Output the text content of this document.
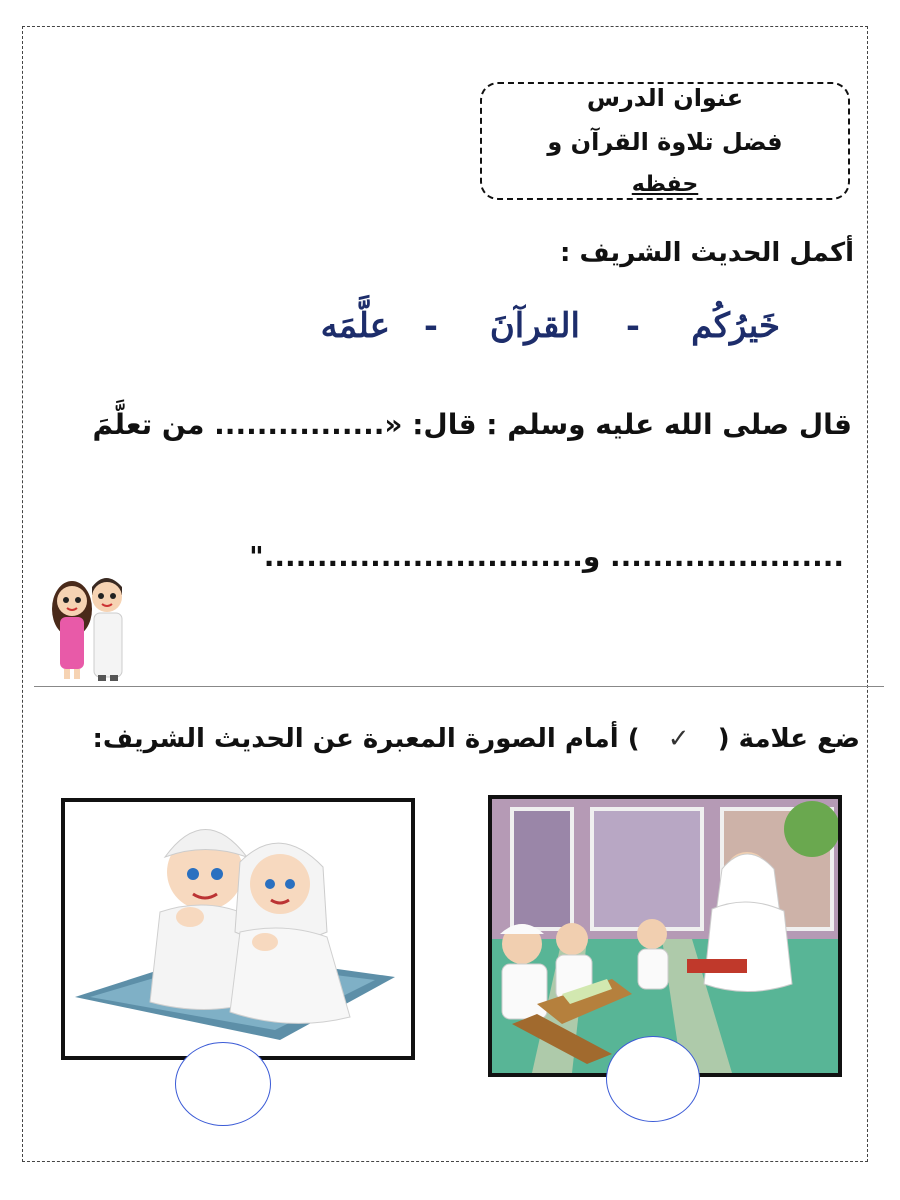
عنوان الدرس
فضل تلاوة القرآن و
حفظه
أكمل الحديث الشريف :
خَيرُكُم
-
القرآنَ
-
علَّمَه
قال صلى الله عليه وسلم : قال: «................ من تعلَّمَ
...................... و.............................."
ضع علامة ( ✓ ) أمام الصورة المعبرة عن الحديث الشريف:
